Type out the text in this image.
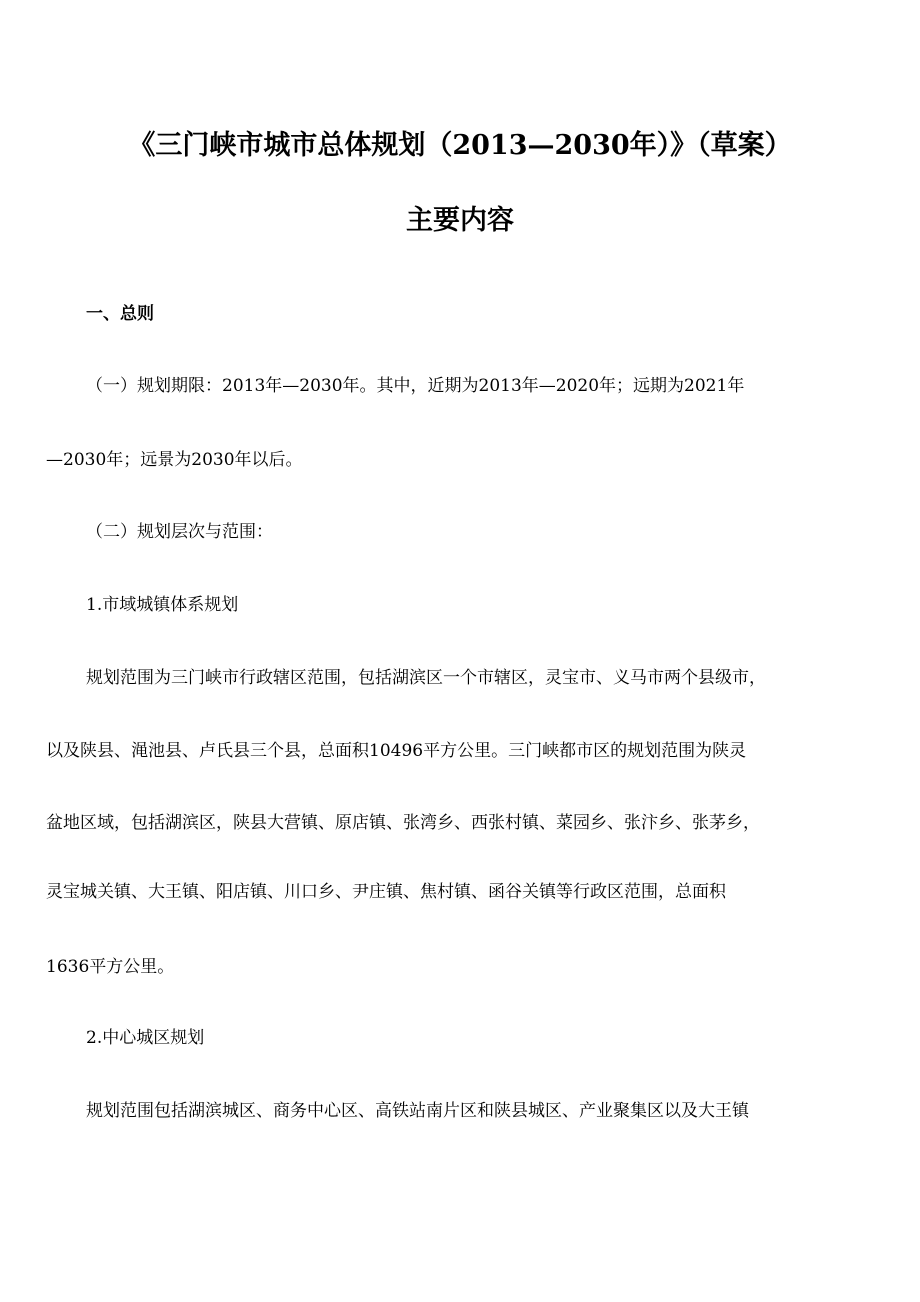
《三门峡市城市总体规划（2013—2030年）》（草案）
主要内容
一、总则
（一）规划期限：2013年—2030年。其中，近期为2013年—2020年；远期为2021年
—2030年；远景为2030年以后。
（二）规划层次与范围：
1.市域城镇体系规划
规划范围为三门峡市行政辖区范围，包括湖滨区一个市辖区，灵宝市、义马市两个县级市，
以及陕县、渑池县、卢氏县三个县，总面积10496平方公里。三门峡都市区的规划范围为陕灵
盆地区域，包括湖滨区，陕县大营镇、原店镇、张湾乡、西张村镇、菜园乡、张汴乡、张茅乡，
灵宝城关镇、大王镇、阳店镇、川口乡、尹庄镇、焦村镇、函谷关镇等行政区范围，总面积
1636平方公里。
2.中心城区规划
规划范围包括湖滨城区、商务中心区、高铁站南片区和陕县城区、产业聚集区以及大王镇
